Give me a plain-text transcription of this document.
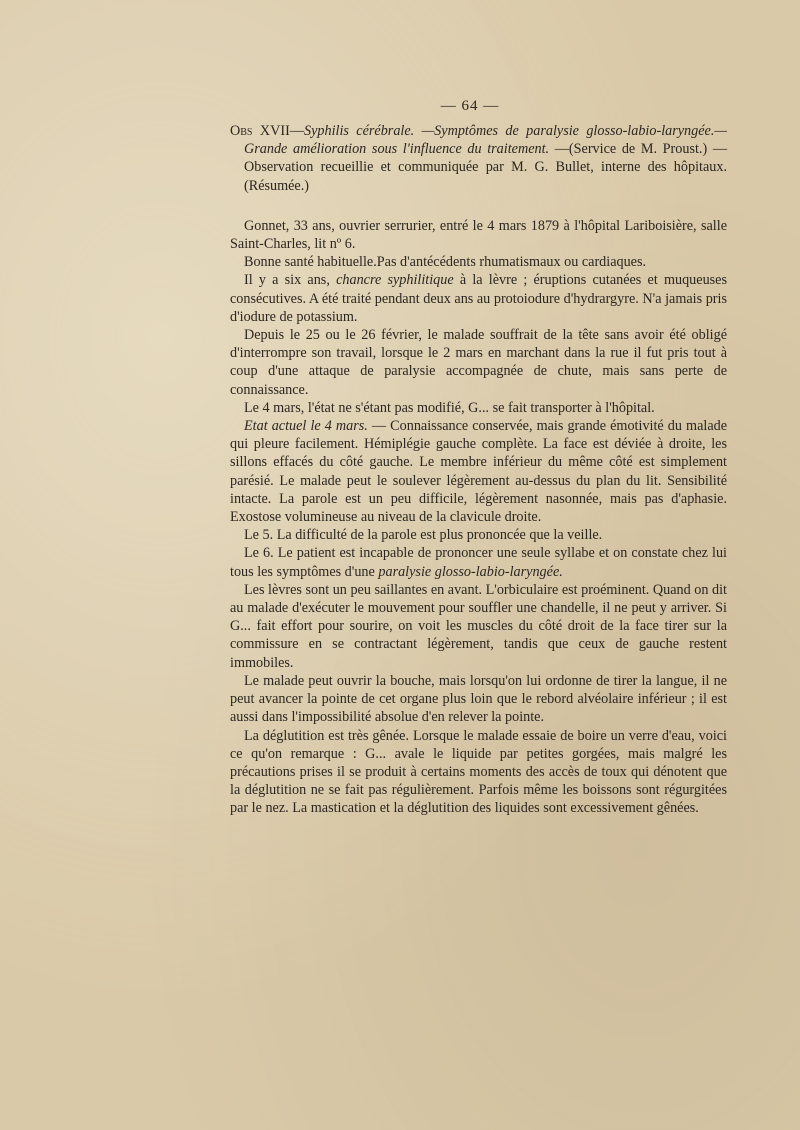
— 64 —

Obs XVII—Syphilis cérébrale. —Symptômes de paralysie glosso-labio-laryngée.—Grande amélioration sous l'influence du traitement. —(Service de M. Proust.) — Observation recueillie et communiquée par M. G. Bullet, interne des hôpitaux. (Résumée.)

Gonnet, 33 ans, ouvrier serrurier, entré le 4 mars 1879 à l'hôpital Lariboisière, salle Saint-Charles, lit nº 6.

Bonne santé habituelle.Pas d'antécédents rhumatismaux ou cardiaques.

Il y a six ans, chancre syphilitique à la lèvre ; éruptions cutanées et muqueuses consécutives. A été traité pendant deux ans au protoiodure d'hydrargyre. N'a jamais pris d'iodure de potassium.

Depuis le 25 ou le 26 février, le malade souffrait de la tête sans avoir été obligé d'interrompre son travail, lorsque le 2 mars en marchant dans la rue il fut pris tout à coup d'une attaque de paralysie accompagnée de chute, mais sans perte de connaissance.

Le 4 mars, l'état ne s'étant pas modifié, G... se fait transporter à l'hôpital.

Etat actuel le 4 mars. — Connaissance conservée, mais grande émotivité du malade qui pleure facilement. Hémiplégie gauche complète. La face est déviée à droite, les sillons effacés du côté gauche. Le membre inférieur du même côté est simplement parésié. Le malade peut le soulever légèrement au-dessus du plan du lit. Sensibilité intacte. La parole est un peu difficile, légèrement nasonnée, mais pas d'aphasie. Exostose volumineuse au niveau de la clavicule droite.

Le 5. La difficulté de la parole est plus prononcée que la veille.

Le 6. Le patient est incapable de prononcer une seule syllabe et on constate chez lui tous les symptômes d'une paralysie glosso-labio-laryngée.

Les lèvres sont un peu saillantes en avant. L'orbiculaire est proéminent. Quand on dit au malade d'exécuter le mouvement pour souffler une chandelle, il ne peut y arriver. Si G... fait effort pour sourire, on voit les muscles du côté droit de la face tirer sur la commissure en se contractant légèrement, tandis que ceux de gauche restent immobiles.

Le malade peut ouvrir la bouche, mais lorsqu'on lui ordonne de tirer la langue, il ne peut avancer la pointe de cet organe plus loin que le rebord alvéolaire inférieur ; il est aussi dans l'impossibilité absolue d'en relever la pointe.

La déglutition est très gênée. Lorsque le malade essaie de boire un verre d'eau, voici ce qu'on remarque : G... avale le liquide par petites gorgées, mais malgré les précautions prises il se produit à certains moments des accès de toux qui dénotent que la déglutition ne se fait pas régulièrement. Parfois même les boissons sont régurgitées par le nez. La mastication et la déglutition des liquides sont excessivement gênées.
